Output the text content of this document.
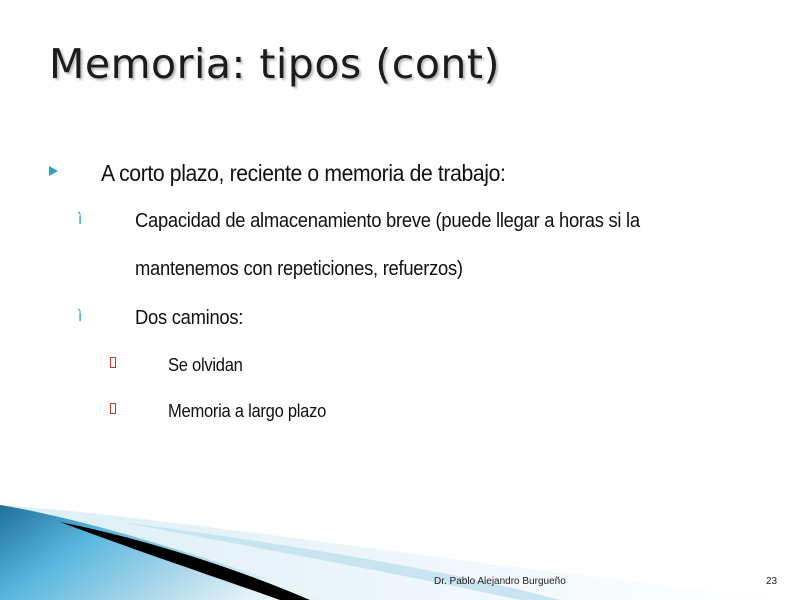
Memoria: tipos (cont)
A corto plazo, reciente o memoria de trabajo:
ì	Capacidad de almacenamiento breve (puede llegar a horas si la
mantenemos con repeticiones, refuerzos)
ì	Dos caminos:
Se olvidan
Memoria a largo plazo
Dr. Pablo Alejandro Burgueño	23
